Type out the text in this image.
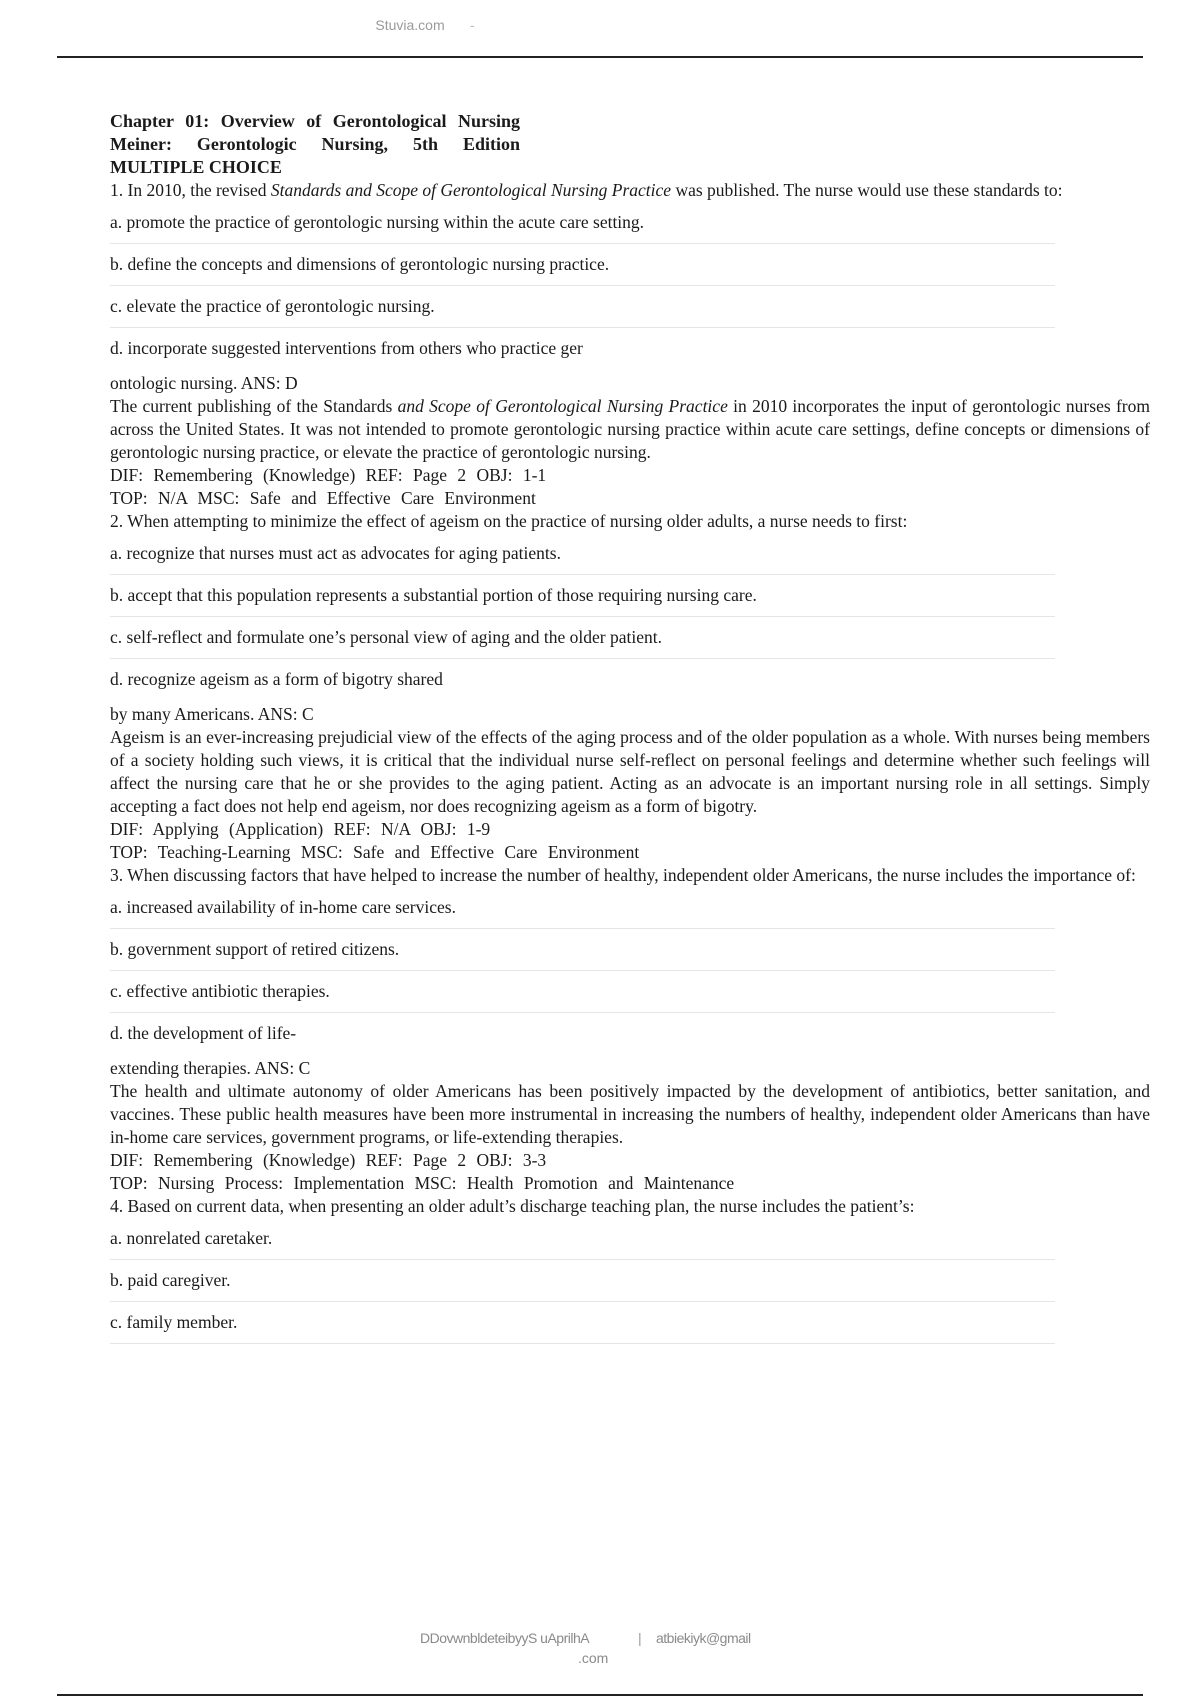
Stuvia.com	-

Chapter 01: Overview of Gerontological Nursing Meiner: Gerontologic Nursing, 5th Edition MULTIPLE CHOICE

1. In 2010, the revised Standards and Scope of Gerontological Nursing Practice was published. The nurse would use these standards to:

a. promote the practice of gerontologic nursing within the acute care setting.

b. define the concepts and dimensions of gerontologic nursing practice.

c. elevate the practice of gerontologic nursing.

d. incorporate suggested interventions from others who practice ger

ontologic nursing. ANS: D

The current publishing of the Standards and Scope of Gerontological Nursing Practice in 2010 incorporates the input of gerontologic nurses from across the United States. It was not intended to promote gerontologic nursing practice within acute care settings, define concepts or dimensions of gerontologic nursing practice, or elevate the practice of gerontologic nursing.

DIF: Remembering (Knowledge) REF: Page 2 OBJ: 1-1

TOP: N/A MSC: Safe and Effective Care Environment

2. When attempting to minimize the effect of ageism on the practice of nursing older adults, a nurse needs to first:

a. recognize that nurses must act as advocates for aging patients.

b. accept that this population represents a substantial portion of those requiring nursing care.

c. self-reflect and formulate one’s personal view of aging and the older patient.

d. recognize ageism as a form of bigotry shared

by many Americans. ANS: C

Ageism is an ever-increasing prejudicial view of the effects of the aging process and of the older population as a whole. With nurses being members of a society holding such views, it is critical that the individual nurse self-reflect on personal feelings and determine whether such feelings will affect the nursing care that he or she provides to the aging patient. Acting as an advocate is an important nursing role in all settings. Simply accepting a fact does not help end ageism, nor does recognizing ageism as a form of bigotry.

DIF: Applying (Application) REF: N/A OBJ: 1-9

TOP: Teaching-Learning MSC: Safe and Effective Care Environment

3. When discussing factors that have helped to increase the number of healthy, independent older Americans, the nurse includes the importance of:

a. increased availability of in-home care services.

b. government support of retired citizens.

c. effective antibiotic therapies.

d. the development of life-

extending therapies. ANS: C

The health and ultimate autonomy of older Americans has been positively impacted by the development of antibiotics, better sanitation, and vaccines. These public health measures have been more instrumental in increasing the numbers of healthy, independent older Americans than have in-home care services, government programs, or life-extending therapies.

DIF: Remembering (Knowledge) REF: Page 2 OBJ: 3-3

TOP: Nursing Process: Implementation MSC: Health Promotion and Maintenance

4. Based on current data, when presenting an older adult’s discharge teaching plan, the nurse includes the patient’s:

a. nonrelated caretaker.

b. paid caregiver.

c. family member.

DDovwnbldeteibyyS uAprilhA	| atbiekiyk@gmail
.com
